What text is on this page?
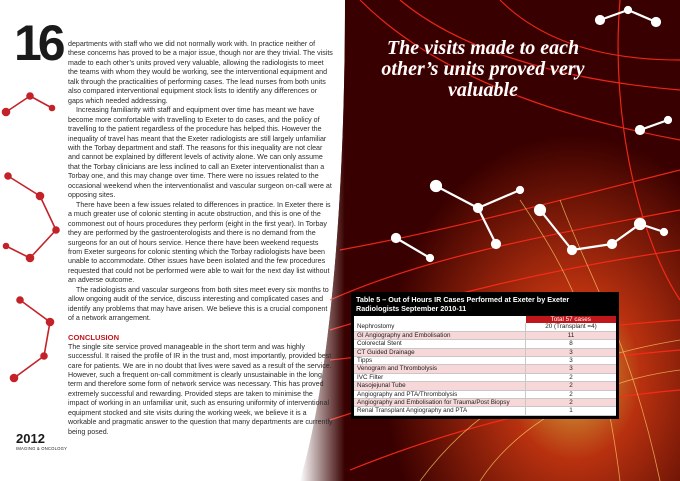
16 departments with staff who we did not normally work with. In practice neither of these concerns has proved to be a major issue, though nor are they trivial. The visits made to each other’s units proved very valuable, allowing the radiologists to meet the teams with whom they would be working, see the interventional equipment and talk through the practicalities of performing cases. The lead nurses from both units also compared interventional equipment stock lists to identify any differences or gaps which needed addressing.

Increasing familiarity with staff and equipment over time has meant we have become more comfortable with travelling to Exeter to do cases, and the policy of travelling to the patient regardless of the procedure has helped this. However the inequality of travel has meant that the Exeter radiologists are still largely unfamiliar with the Torbay department and staff. The reasons for this inequality are not clear and cannot be explained by different levels of activity alone. We can only assume that the Torbay clinicians are less inclined to call an Exeter interventionalist than a Torbay one, and this may change over time. There were no issues related to the occasional weekend when the interventionalist and vascular surgeon on-call were at opposing sites.

There have been a few issues related to differences in practice. In Exeter there is a much greater use of colonic stenting in acute obstruction, and this is one of the commonest out of hours procedures they perform (eight in the first year). In Torbay they are performed by the gastroenterologists and there is no demand from the surgeons for an out of hours service. Hence there have been weekend requests from Exeter surgeons for colonic stenting which the Torbay radiologists have been unable to accommodate. Other issues have been isolated and the few procedures requested that could not be performed were able to wait for the next day list without an adverse outcome.

The radiologists and vascular surgeons from both sites meet every six months to allow ongoing audit of the service, discuss interesting and complicated cases and identify any problems that may have arisen. We believe this is a crucial component of a network arrangement.

CONCLUSION

The single site service proved manageable in the short term and was highly successful. It raised the profile of IR in the trust and, most importantly, provided best care for patients. We are in no doubt that lives were saved as a result of the service. However, such a frequent on-call commitment is clearly unsustainable in the long term and therefore some form of network service was necessary. This has proved extremely successful and rewarding. Provided steps are taken to minimise the impact of working in an unfamiliar unit, such as ensuring uniformity of interventional equipment stocked and site visits during the working week, we believe it is a workable and pragmatic answer to the question that many departments are currently being posed.

2012
IMAGING & ONCOLOGY
The visits made to each other’s units proved very valuable
Table 5 – Out of Hours IR Cases Performed at Exeter by Exeter Radiologists September 2010-11
	Total 57 cases
Nephrostomy	20 (Transplant =4)
GI Angiography and Embolisation	11
Colorectal Stent	8
CT Guided Drainage	3
Tipps	3
Venogram and Thrombolysis	3
IVC Filter	2
Nasojejunal Tube	2
Angiography and PTA/Thrombolysis	2
Angiography and Embolisation for Trauma/Post Biopsy	2
Renal Transplant Angiography and PTA	1
